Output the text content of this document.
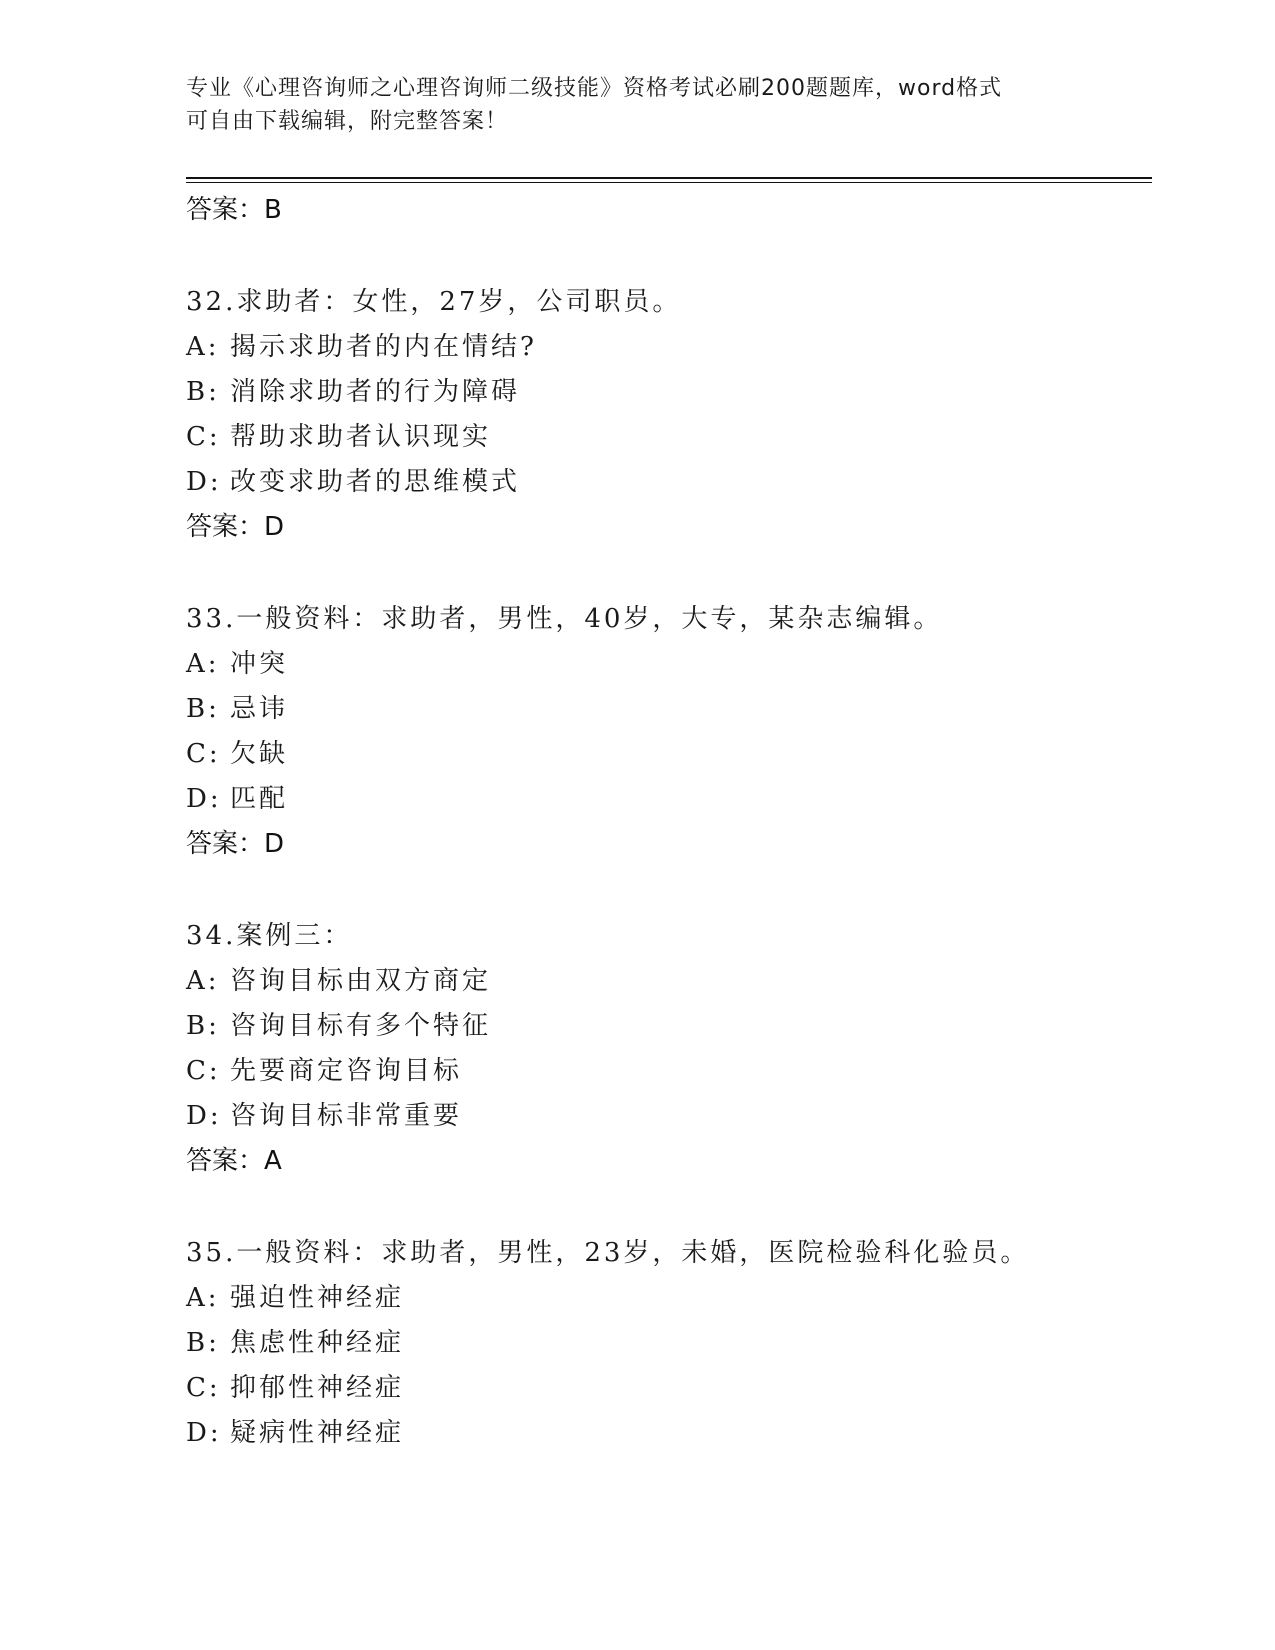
专业《心理咨询师之心理咨询师二级技能》资格考试必刷200题题库，word格式
可自由下载编辑，附完整答案！
答案：B
32.求助者：女性，27岁，公司职员。
A: 揭示求助者的内在情结?
B: 消除求助者的行为障碍
C: 帮助求助者认识现实
D: 改变求助者的思维模式
答案：D
33.一般资料：求助者，男性，40岁，大专，某杂志编辑。
A: 冲突
B: 忌讳
C: 欠缺
D: 匹配
答案：D
34.案例三：
A: 咨询目标由双方商定
B: 咨询目标有多个特征
C: 先要商定咨询目标
D: 咨询目标非常重要
答案：A
35.一般资料：求助者，男性，23岁，未婚，医院检验科化验员。
A: 强迫性神经症
B: 焦虑性种经症
C: 抑郁性神经症
D: 疑病性神经症
